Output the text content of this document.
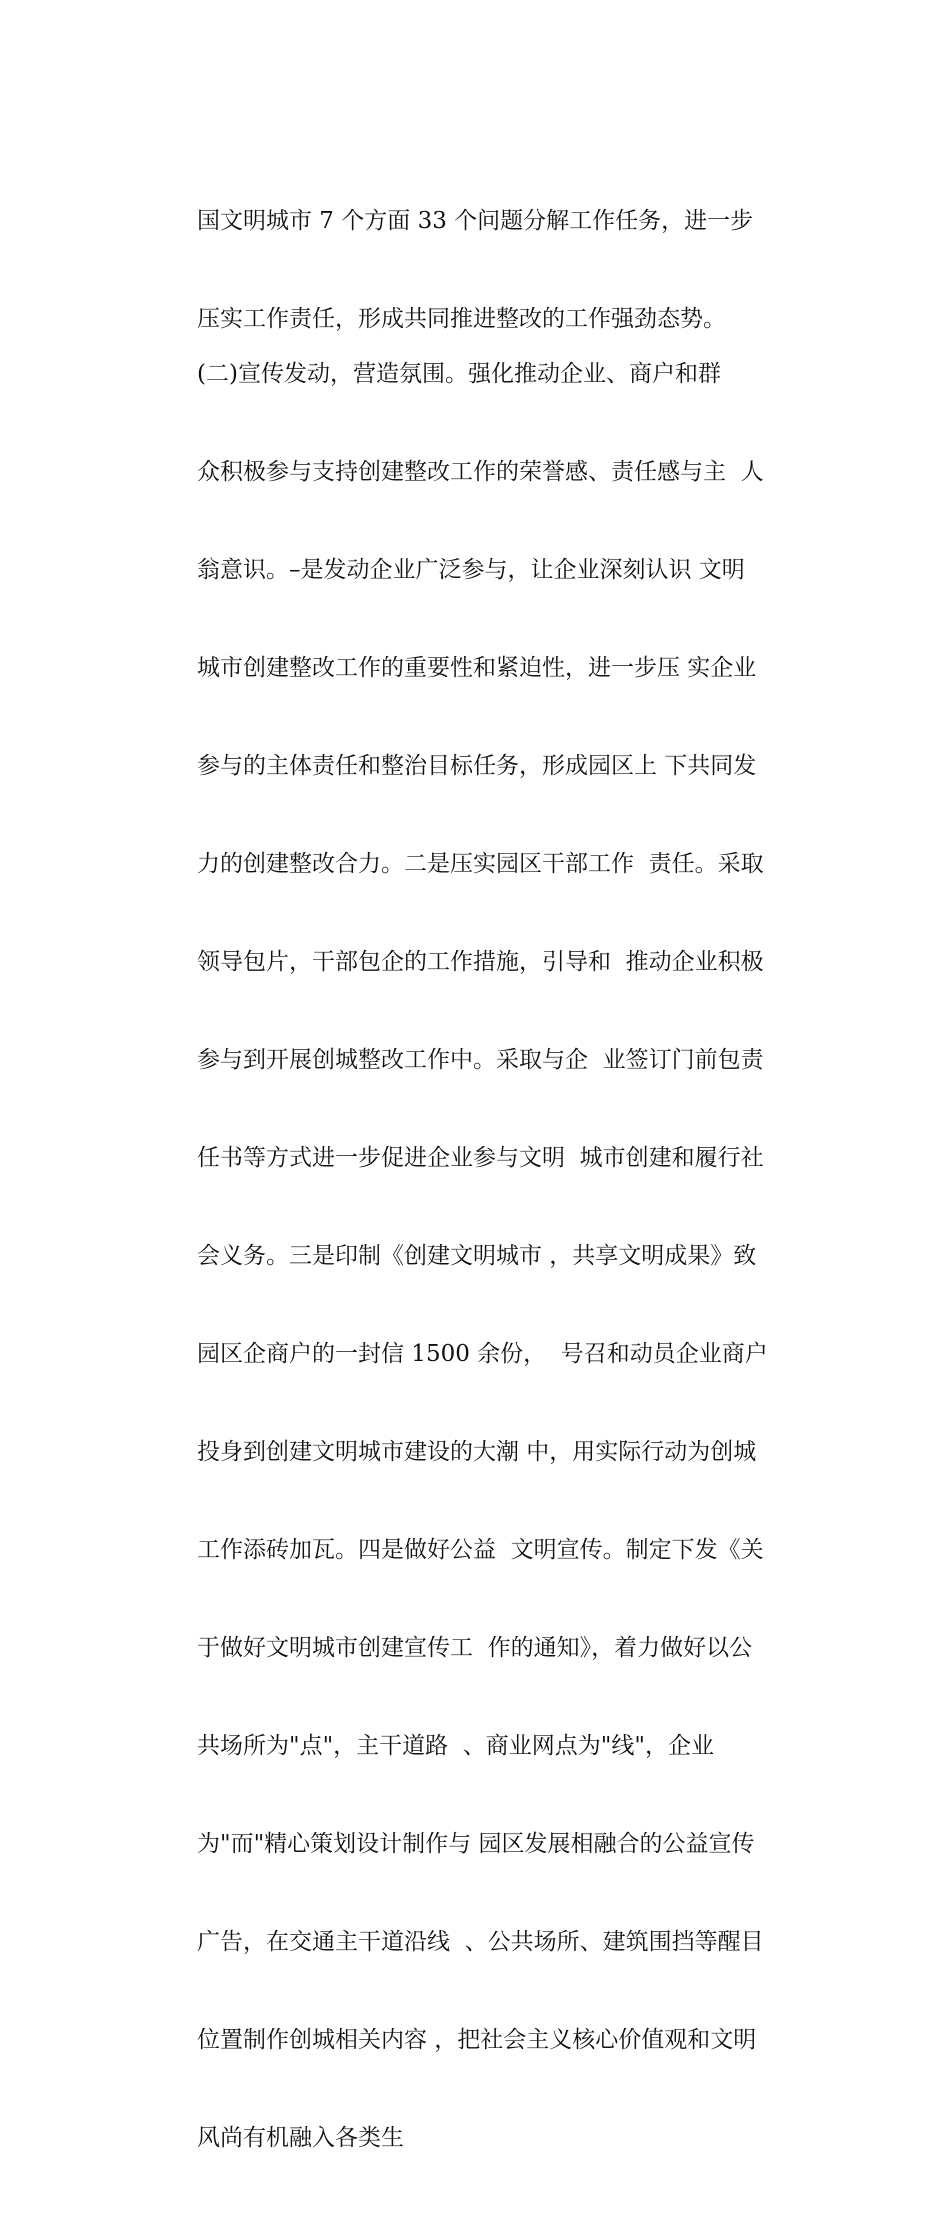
国文明城市 7 个方面 33 个问题分解工作任务，进一步

压实工作责任，形成共同推进整改的工作强劲态势。

(二)宣传发动，营造氛围。强化推动企业、商户和群

众积极参与支持创建整改工作的荣誉感、责任感与主  人

翁意识。–是发动企业广泛参与，让企业深刻认识 文明

城市创建整改工作的重要性和紧迫性，进一步压 实企业

参与的主体责任和整治目标任务，形成园区上 下共同发

力的创建整改合力。二是压实园区干部工作  责任。采取

领导包片，干部包企的工作措施，引导和  推动企业积极

参与到开展创城整改工作中。采取与企  业签订门前包责

任书等方式进一步促进企业参与文明  城市创建和履行社

会义务。三是印制《创建文明城市 ，共享文明成果》致

园区企商户的一封信 1500 余份，  号召和动员企业商户

投身到创建文明城市建设的大潮 中，用实际行动为创城

工作添砖加瓦。四是做好公益  文明宣传。制定下发《关

于做好文明城市创建宣传工  作的通知》，着力做好以公

共场所为"点"，主干道路  、商业网点为"线"，企业

为"而"精心策划设计制作与 园区发展相融合的公益宣传

广告，在交通主干道沿线  、公共场所、建筑围挡等醒目

位置制作创城相关内容 ，把社会主义核心价值观和文明

风尚有机融入各类生
